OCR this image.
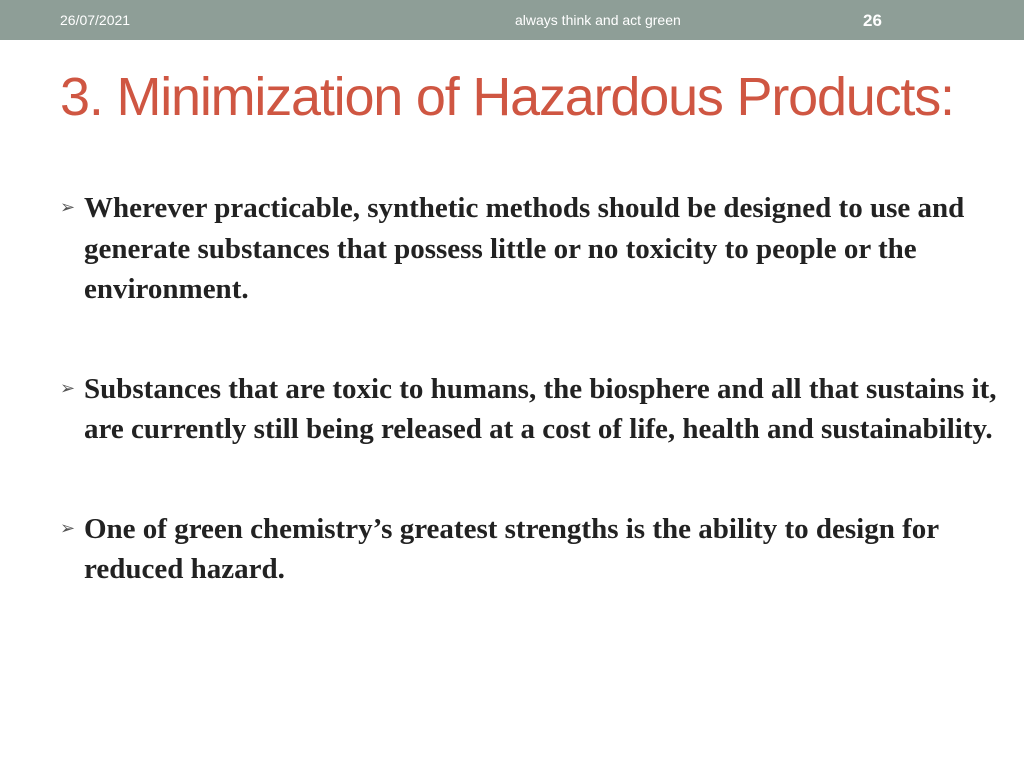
26/07/2021	always think and act green	26
3. Minimization of Hazardous Products:
➢ Wherever practicable, synthetic methods should be designed to use and generate substances that possess little or no toxicity to people or the environment.
➢ Substances that are toxic to humans, the biosphere and all that sustains it, are currently still being released at a cost of life, health and sustainability.
➢ One of green chemistry’s greatest strengths is the ability to design for reduced hazard.
